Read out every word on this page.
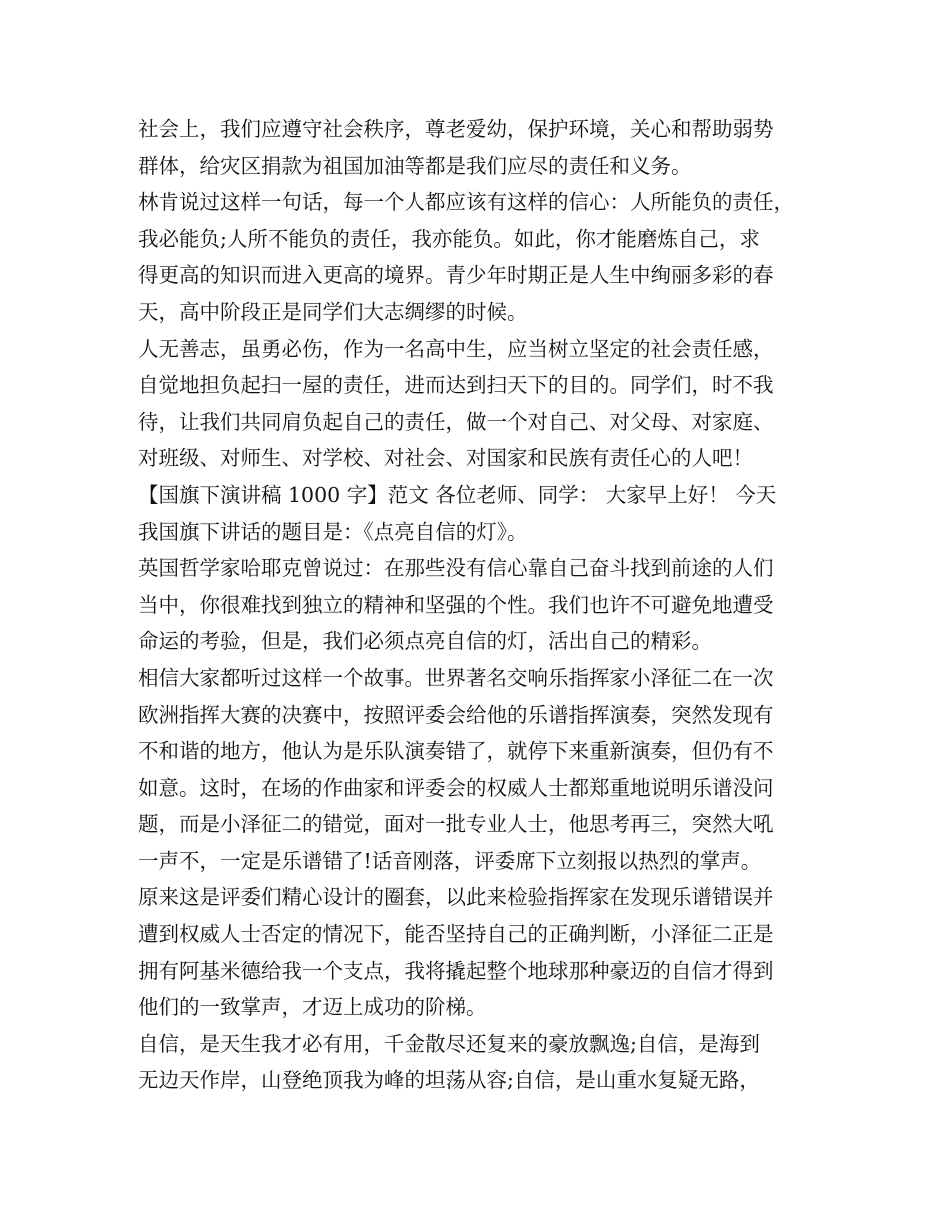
社会上，我们应遵守社会秩序，尊老爱幼，保护环境，关心和帮助弱势
群体，给灾区捐款为祖国加油等都是我们应尽的责任和义务。
林肯说过这样一句话，每一个人都应该有这样的信心：人所能负的责任，
我必能负;人所不能负的责任，我亦能负。如此，你才能磨炼自己，求
得更高的知识而进入更高的境界。青少年时期正是人生中绚丽多彩的春
天，高中阶段正是同学们大志绸缪的时候。
人无善志，虽勇必伤，作为一名高中生，应当树立坚定的社会责任感，
自觉地担负起扫一屋的责任，进而达到扫天下的目的。同学们，时不我
待，让我们共同肩负起自己的责任，做一个对自己、对父母、对家庭、
对班级、对师生、对学校、对社会、对国家和民族有责任心的人吧！
【国旗下演讲稿 1000 字】范文 各位老师、同学： 大家早上好！ 今天
我国旗下讲话的题目是：《点亮自信的灯》。
英国哲学家哈耶克曾说过：在那些没有信心靠自己奋斗找到前途的人们
当中，你很难找到独立的精神和坚强的个性。我们也许不可避免地遭受
命运的考验，但是，我们必须点亮自信的灯，活出自己的精彩。
相信大家都听过这样一个故事。世界著名交响乐指挥家小泽征二在一次
欧洲指挥大赛的决赛中，按照评委会给他的乐谱指挥演奏，突然发现有
不和谐的地方，他认为是乐队演奏错了，就停下来重新演奏，但仍有不
如意。这时，在场的作曲家和评委会的权威人士都郑重地说明乐谱没问
题，而是小泽征二的错觉，面对一批专业人士，他思考再三，突然大吼
一声不，一定是乐谱错了!话音刚落，评委席下立刻报以热烈的掌声。
原来这是评委们精心设计的圈套，以此来检验指挥家在发现乐谱错误并
遭到权威人士否定的情况下，能否坚持自己的正确判断，小泽征二正是
拥有阿基米德给我一个支点，我将撬起整个地球那种豪迈的自信才得到
他们的一致掌声，才迈上成功的阶梯。
自信，是天生我才必有用，千金散尽还复来的豪放飘逸;自信，是海到
无边天作岸，山登绝顶我为峰的坦荡从容;自信，是山重水复疑无路，
